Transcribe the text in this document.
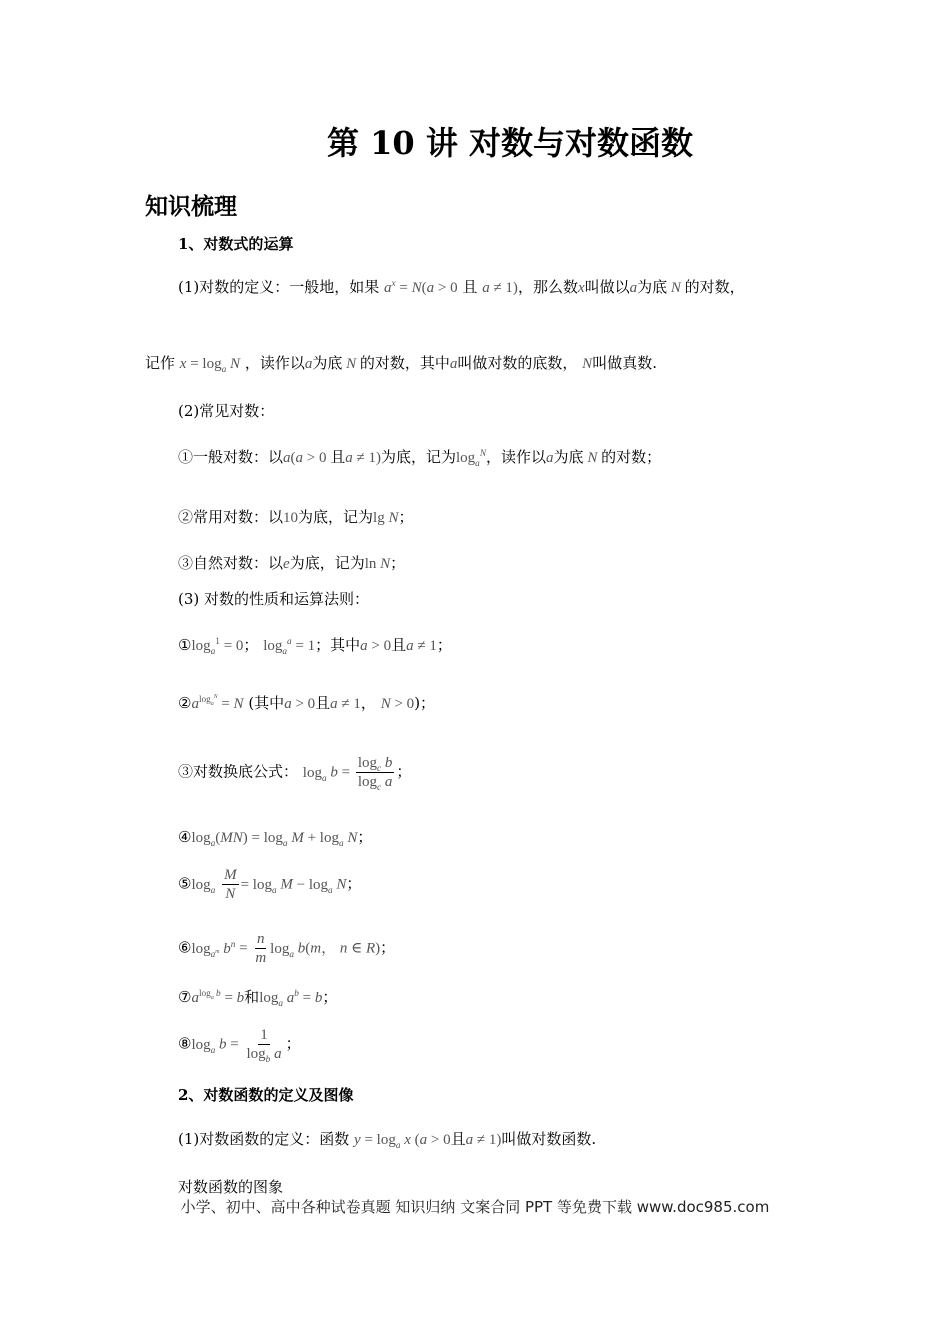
第 10 讲 对数与对数函数
知识梳理
1、对数式的运算
(1)对数的定义：一般地，如果 $a^x = N(a > 0$ 且 a ≠ 1)，那么数x叫做以a为底 N 的对数，
记作 $x = \log_a N$ ，读作以a为底 N 的对数，其中a叫做对数的底数， N叫做真数.
(2)常见对数：
①一般对数：以a(a > 0 且a ≠ 1)为底，记为$\log_a^N$，读作以a为底 N 的对数；
②常用对数：以10为底，记为lg N；
③自然对数：以e为底，记为ln N；
(3) 对数的性质和运算法则：
$①\log_a^1 = 0$； $\log_a^a = 1$；其中a > 0且a ≠ 1；
$②a^{log_a^N} = N$ (其中a > 0且a ≠ 1， N > 0)；
③对数换底公式： $\log_a b = \frac{\log_c b}{\log_c a}$ ；
$④\log_a(MN) = \log_a M + \log_a N$；
$⑤\log_a \frac{M}{N} = \log_a M - \log_a N$；
$⑥\log_{a^m}$ $b^n = \frac{n}{m} \log_a b(m$， n ∈ R)；
$⑦a^{log_a b} = b$和$\log_a a^b = b$；
$⑧\log_a$ $b = \frac{1}{\log_b a}$ ；
2、对数函数的定义及图像
(1)对数函数的定义：函数 $y = \log_a x$ (a > 0且a ≠ 1)叫做对数函数.
对数函数的图象
小学、初中、高中各种试卷真题 知识归纳 文案合同 PPT 等免费下载 www.doc985.com
